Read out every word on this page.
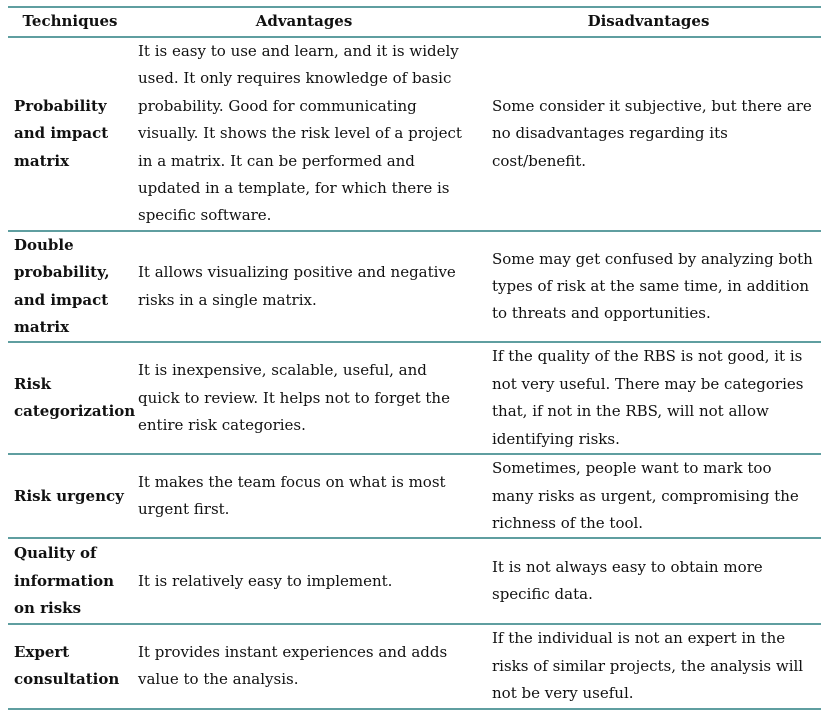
Techniques	Advantages	Disadvantages
Probability and impact matrix	It is easy to use and learn, and it is widely used. It only requires knowledge of basic probability. Good for communicating visually. It shows the risk level of a project in a matrix. It can be performed and updated in a template, for which there is specific software.	Some consider it subjective, but there are no disadvantages regarding its cost/benefit.
Double probability, and impact matrix	It allows visualizing positive and negative risks in a single matrix.	Some may get confused by analyzing both types of risk at the same time, in addition to threats and opportunities.
Risk categorization	It is inexpensive, scalable, useful, and quick to review. It helps not to forget the entire risk categories.	If the quality of the RBS is not good, it is not very useful. There may be categories that, if not in the RBS, will not allow identifying risks.
Risk urgency	It makes the team focus on what is most urgent first.	Sometimes, people want to mark too many risks as urgent, compromising the richness of the tool.
Quality of information on risks	It is relatively easy to implement.	It is not always easy to obtain more specific data.
Expert consultation	It provides instant experiences and adds value to the analysis.	If the individual is not an expert in the risks of similar projects, the analysis will not be very useful.
